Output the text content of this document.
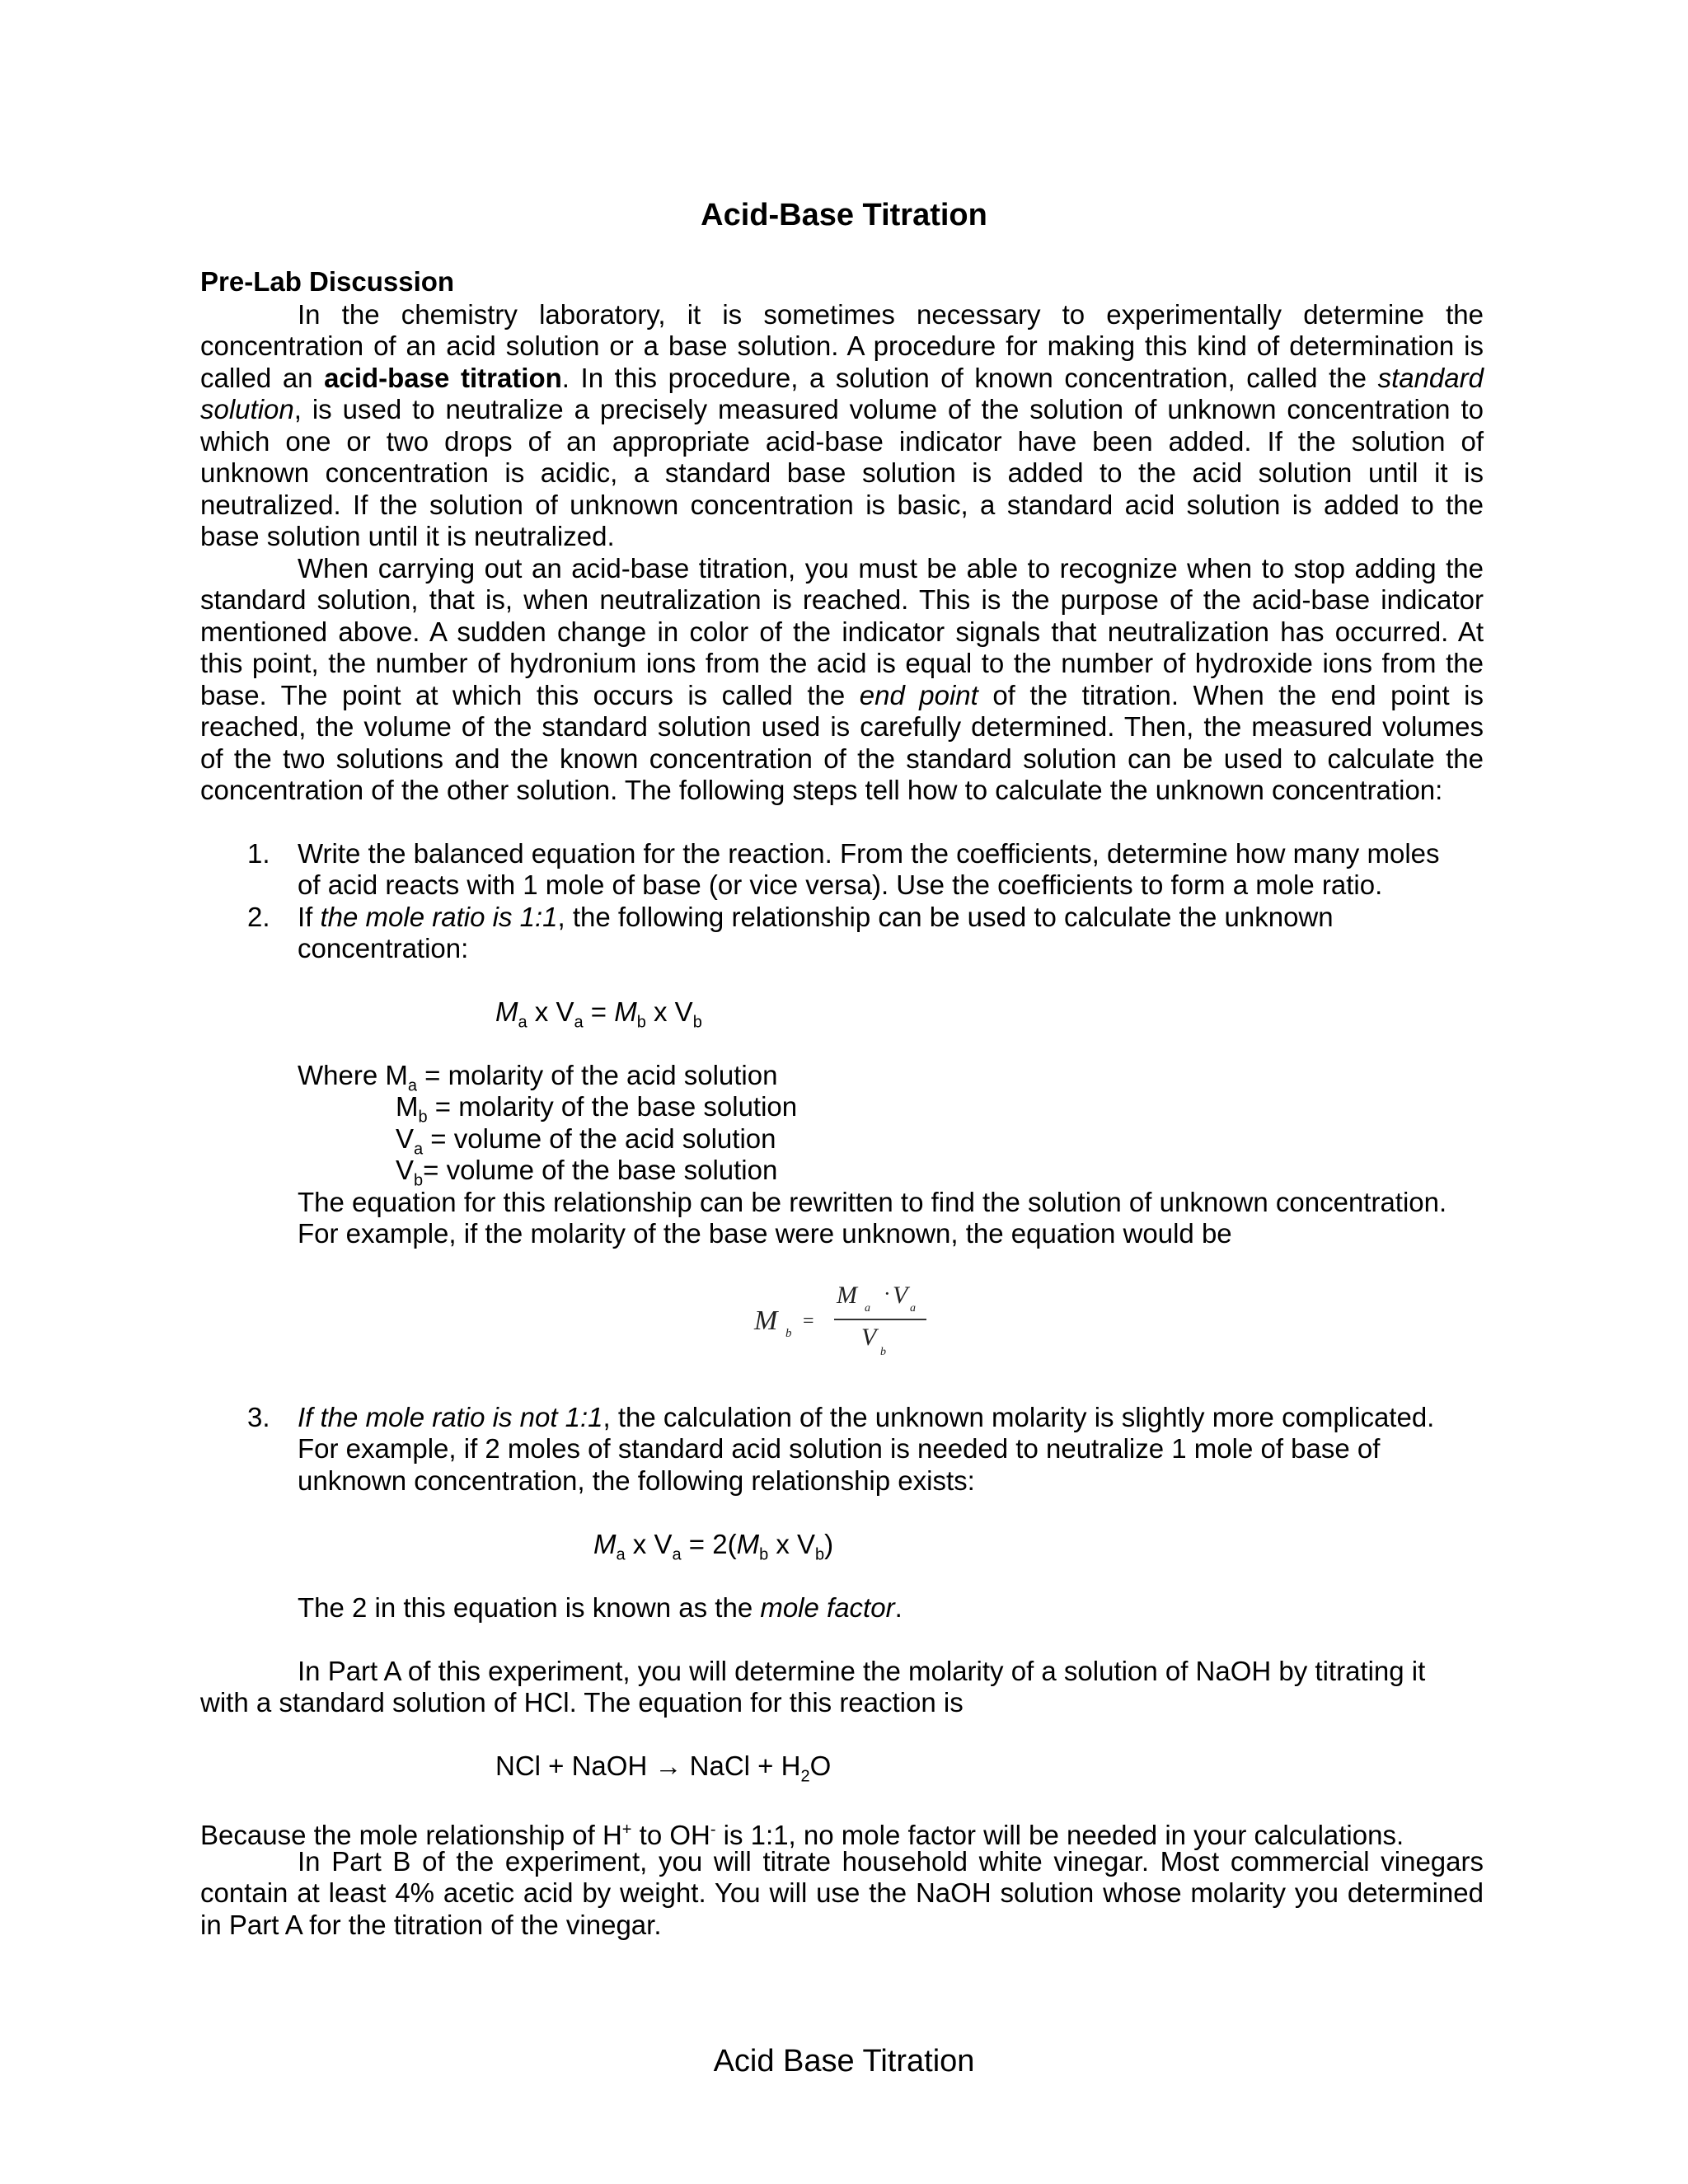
Acid-Base Titration
Pre-Lab Discussion
In the chemistry laboratory, it is sometimes necessary to experimentally determine the
concentration of an acid solution or a base solution. A procedure for making this kind of determination is
called an acid-base titration. In this procedure, a solution of known concentration, called the standard
solution, is used to neutralize a precisely measured volume of the solution of unknown concentration to
which one or two drops of an appropriate acid-base indicator have been added. If the solution of
unknown concentration is acidic, a standard base solution is added to the acid solution until it is
neutralized. If the solution of unknown concentration is basic, a standard acid solution is added to the
base solution until it is neutralized.
When carrying out an acid-base titration, you must be able to recognize when to stop adding the
standard solution, that is, when neutralization is reached. This is the purpose of the acid-base indicator
mentioned above. A sudden change in color of the indicator signals that neutralization has occurred. At
this point, the number of hydronium ions from the acid is equal to the number of hydroxide ions from the
base. The point at which this occurs is called the end point of the titration. When the end point is
reached, the volume of the standard solution used is carefully determined. Then, the measured volumes
of the two solutions and the known concentration of the standard solution can be used to calculate the
concentration of the other solution. The following steps tell how to calculate the unknown concentration:
1. Write the balanced equation for the reaction. From the coefficients, determine how many moles
of acid reacts with 1 mole of base (or vice versa). Use the coefficients to form a mole ratio.
2. If the mole ratio is 1:1, the following relationship can be used to calculate the unknown
concentration:
$M_a$ x $V_a = M_b$ x $V_b$
Where $M_a$ = molarity of the acid solution
$M_b$ = molarity of the base solution
$V_a$ = volume of the acid solution
$V_b=$ volume of the base solution
The equation for this relationship can be rewritten to find the solution of unknown concentration.
For example, if the molarity of the base were unknown, the equation would be
M b
=
M a
· V a
V
b
3. If the mole ratio is not 1:1, the calculation of the unknown molarity is slightly more complicated.
For example, if 2 moles of standard acid solution is needed to neutralize 1 mole of base of
unknown concentration, the following relationship exists:
$M_a$ x $V_a = 2(M_b$ x $V_b$)
The 2 in this equation is known as the mole factor.
In Part A of this experiment, you will determine the molarity of a solution of NaOH by titrating it
with a standard solution of HCl. The equation for this reaction is
NCl + NaOH → NaCl + $H_2O$
Because the mole relationship of H+ to OH- is 1:1, no mole factor will be needed in your calculations.
In Part B of the experiment, you will titrate household white vinegar. Most commercial vinegars
contain at least 4% acetic acid by weight. You will use the NaOH solution whose molarity you determined
in Part A for the titration of the vinegar.
Acid Base Titration
